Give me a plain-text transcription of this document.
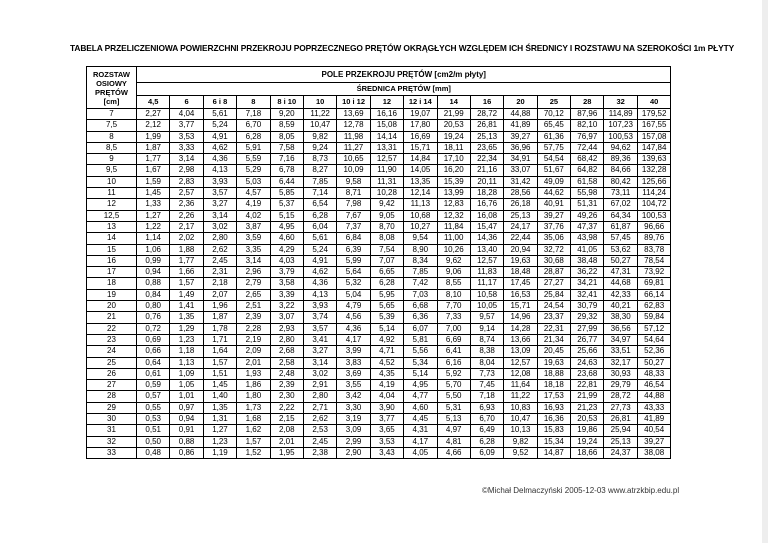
TABELA PRZELICZENIOWA POWIERZCHNI PRZEKROJU POPRZECZNEGO PRĘTÓW OKRĄGŁYCH WZGLĘDEM ICH ŚREDNICY I ROZSTAWU NA SZEROKOŚCI 1m PŁYTY
ROZSTAW OSIOWY PRĘTÓW [cm]	POLE PRZEKROJU PRĘTÓW [cm2/m płyty]															
	ŚREDNICA PRĘTÓW [mm]															
	4,5	6	6 i 8	8	8 i 10	10	10 i 12	12	12 i 14	14	16	20	25	28	32	40
7	2,27	4,04	5,61	7,18	9,20	11,22	13,69	16,16	19,07	21,99	28,72	44,88	70,12	87,96	114,89	179,52
7,5	2,12	3,77	5,24	6,70	8,59	10,47	12,78	15,08	17,80	20,53	26,81	41,89	65,45	82,10	107,23	167,55
8	1,99	3,53	4,91	6,28	8,05	9,82	11,98	14,14	16,69	19,24	25,13	39,27	61,36	76,97	100,53	157,08
8,5	1,87	3,33	4,62	5,91	7,58	9,24	11,27	13,31	15,71	18,11	23,65	36,96	57,75	72,44	94,62	147,84
9	1,77	3,14	4,36	5,59	7,16	8,73	10,65	12,57	14,84	17,10	22,34	34,91	54,54	68,42	89,36	139,63
9,5	1,67	2,98	4,13	5,29	6,78	8,27	10,09	11,90	14,05	16,20	21,16	33,07	51,67	64,82	84,66	132,28
10	1,59	2,83	3,93	5,03	6,44	7,85	9,58	11,31	13,35	15,39	20,11	31,42	49,09	61,58	80,42	125,66
11	1,45	2,57	3,57	4,57	5,85	7,14	8,71	10,28	12,14	13,99	18,28	28,56	44,62	55,98	73,11	114,24
12	1,33	2,36	3,27	4,19	5,37	6,54	7,98	9,42	11,13	12,83	16,76	26,18	40,91	51,31	67,02	104,72
12,5	1,27	2,26	3,14	4,02	5,15	6,28	7,67	9,05	10,68	12,32	16,08	25,13	39,27	49,26	64,34	100,53
13	1,22	2,17	3,02	3,87	4,95	6,04	7,37	8,70	10,27	11,84	15,47	24,17	37,76	47,37	61,87	96,66
14	1,14	2,02	2,80	3,59	4,60	5,61	6,84	8,08	9,54	11,00	14,36	22,44	35,06	43,98	57,45	89,76
15	1,06	1,88	2,62	3,35	4,29	5,24	6,39	7,54	8,90	10,26	13,40	20,94	32,72	41,05	53,62	83,78
16	0,99	1,77	2,45	3,14	4,03	4,91	5,99	7,07	8,34	9,62	12,57	19,63	30,68	38,48	50,27	78,54
17	0,94	1,66	2,31	2,96	3,79	4,62	5,64	6,65	7,85	9,06	11,83	18,48	28,87	36,22	47,31	73,92
18	0,88	1,57	2,18	2,79	3,58	4,36	5,32	6,28	7,42	8,55	11,17	17,45	27,27	34,21	44,68	69,81
19	0,84	1,49	2,07	2,65	3,39	4,13	5,04	5,95	7,03	8,10	10,58	16,53	25,84	32,41	42,33	66,14
20	0,80	1,41	1,96	2,51	3,22	3,93	4,79	5,65	6,68	7,70	10,05	15,71	24,54	30,79	40,21	62,83
21	0,76	1,35	1,87	2,39	3,07	3,74	4,56	5,39	6,36	7,33	9,57	14,96	23,37	29,32	38,30	59,84
22	0,72	1,29	1,78	2,28	2,93	3,57	4,36	5,14	6,07	7,00	9,14	14,28	22,31	27,99	36,56	57,12
23	0,69	1,23	1,71	2,19	2,80	3,41	4,17	4,92	5,81	6,69	8,74	13,66	21,34	26,77	34,97	54,64
24	0,66	1,18	1,64	2,09	2,68	3,27	3,99	4,71	5,56	6,41	8,38	13,09	20,45	25,66	33,51	52,36
25	0,64	1,13	1,57	2,01	2,58	3,14	3,83	4,52	5,34	6,16	8,04	12,57	19,63	24,63	32,17	50,27
26	0,61	1,09	1,51	1,93	2,48	3,02	3,69	4,35	5,14	5,92	7,73	12,08	18,88	23,68	30,93	48,33
27	0,59	1,05	1,45	1,86	2,39	2,91	3,55	4,19	4,95	5,70	7,45	11,64	18,18	22,81	29,79	46,54
28	0,57	1,01	1,40	1,80	2,30	2,80	3,42	4,04	4,77	5,50	7,18	11,22	17,53	21,99	28,72	44,88
29	0,55	0,97	1,35	1,73	2,22	2,71	3,30	3,90	4,60	5,31	6,93	10,83	16,93	21,23	27,73	43,33
30	0,53	0,94	1,31	1,68	2,15	2,62	3,19	3,77	4,45	5,13	6,70	10,47	16,36	20,53	26,81	41,89
31	0,51	0,91	1,27	1,62	2,08	2,53	3,09	3,65	4,31	4,97	6,49	10,13	15,83	19,86	25,94	40,54
32	0,50	0,88	1,23	1,57	2,01	2,45	2,99	3,53	4,17	4,81	6,28	9,82	15,34	19,24	25,13	39,27
33	0,48	0,86	1,19	1,52	1,95	2,38	2,90	3,43	4,05	4,66	6,09	9,52	14,87	18,66	24,37	38,08
©Michał Delmaczyński 2005-12-03 www.atrzkbip.edu.pl
